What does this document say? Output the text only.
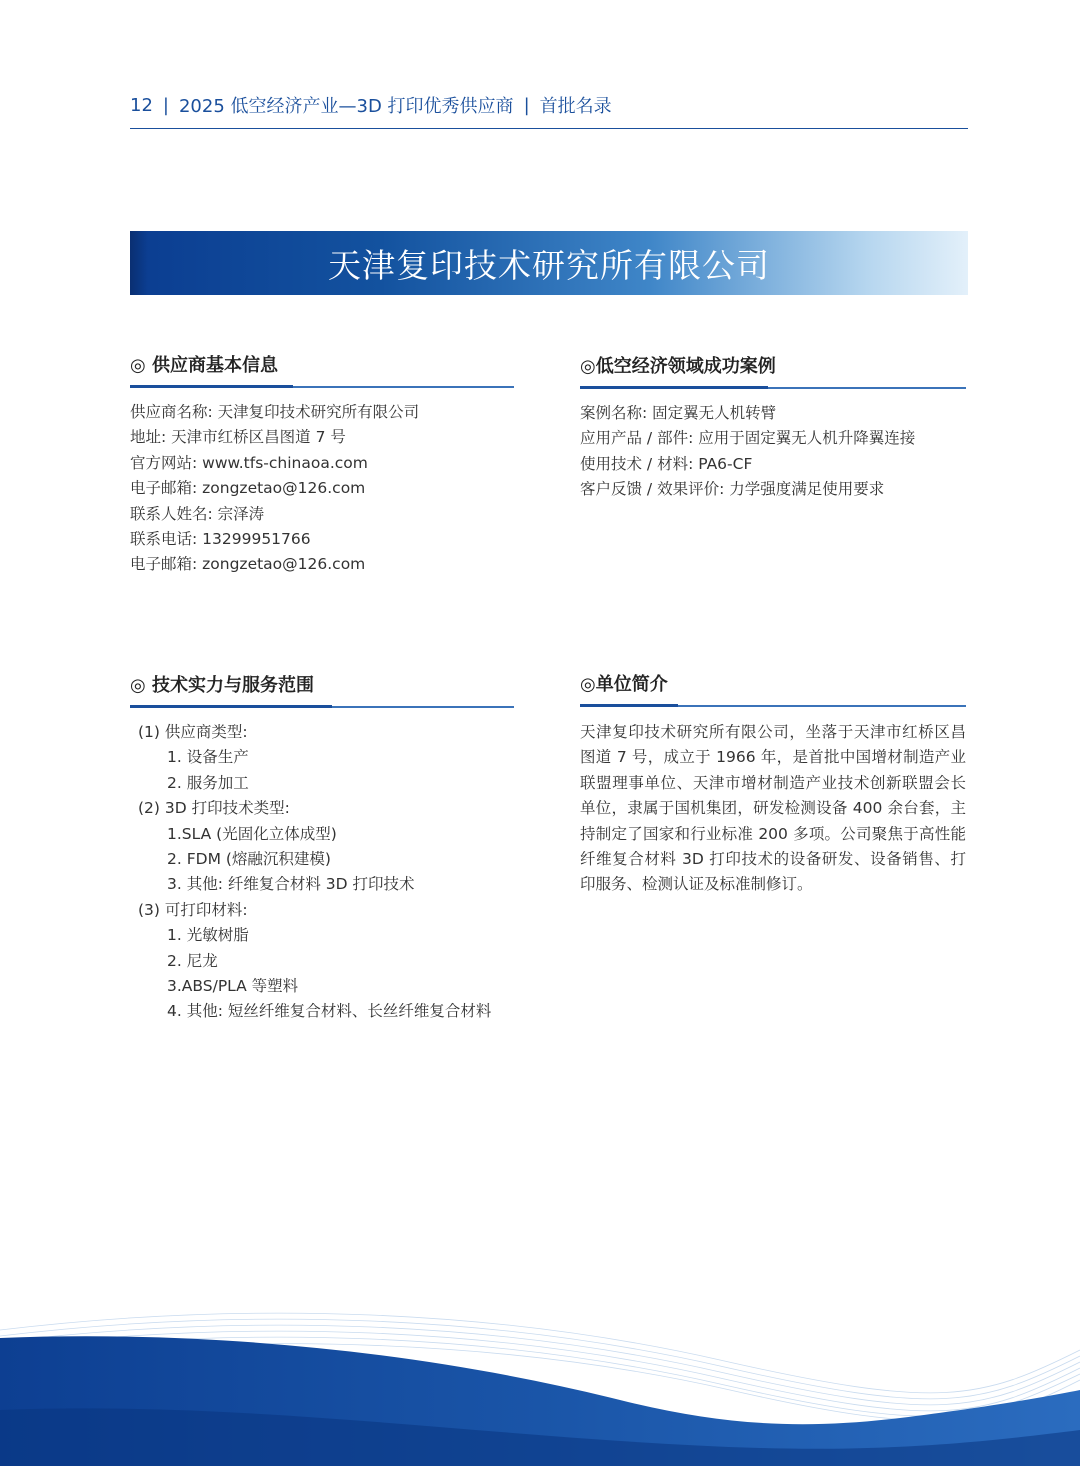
12 | 2025 低空经济产业—3D 打印优秀供应商 | 首批名录
天津复印技术研究所有限公司
◎ 供应商基本信息
供应商名称: 天津复印技术研究所有限公司
地址: 天津市红桥区昌图道 7 号
官方网站: www.tfs-chinaoa.com
电子邮箱: zongzetao@126.com
联系人姓名: 宗泽涛
联系电话: 13299951766
电子邮箱: zongzetao@126.com
◎低空经济领域成功案例
案例名称: 固定翼无人机转臂
应用产品 / 部件: 应用于固定翼无人机升降翼连接
使用技术 / 材料: PA6-CF
客户反馈 / 效果评价: 力学强度满足使用要求
◎ 技术实力与服务范围
(1) 供应商类型:
1. 设备生产
2. 服务加工
(2) 3D 打印技术类型:
1.SLA (光固化立体成型)
2. FDM (熔融沉积建模)
3. 其他: 纤维复合材料 3D 打印技术
(3) 可打印材料:
1. 光敏树脂
2. 尼龙
3.ABS/PLA 等塑料
4. 其他: 短丝纤维复合材料、长丝纤维复合材料
◎单位简介
天津复印技术研究所有限公司，坐落于天津市红桥区昌图道 7 号，成立于 1966 年，是首批中国增材制造产业联盟理事单位、天津市增材制造产业技术创新联盟会长单位，隶属于国机集团，研发检测设备 400 余台套，主持制定了国家和行业标准 200 多项。公司聚焦于高性能纤维复合材料 3D 打印技术的设备研发、设备销售、打印服务、检测认证及标准制修订。
